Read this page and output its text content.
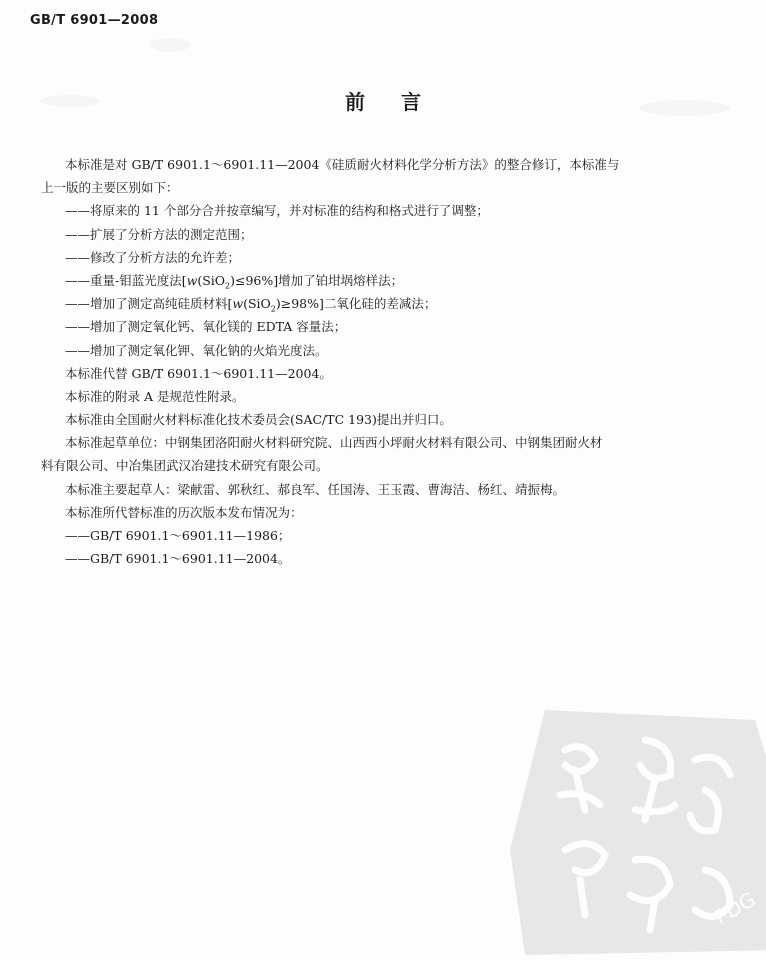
GB/T 6901—2008
前言
本标准是对 GB/T 6901.1～6901.11—2004《硅质耐火材料化学分析方法》的整合修订，本标准与
上一版的主要区别如下：
——将原来的 11 个部分合并按章编写，并对标准的结构和格式进行了调整；
——扩展了分析方法的测定范围；
——修改了分析方法的允许差；
——重量-钼蓝光度法[w(SiO$_2$)≤96%]增加了铂坩埚熔样法；
——增加了测定高纯硅质材料[w(SiO$_2$)≥98%]二氧化硅的差减法；
——增加了测定氧化钙、氧化镁的 EDTA 容量法；
——增加了测定氧化钾、氧化钠的火焰光度法。
本标准代替 GB/T 6901.1～6901.11—2004。
本标准的附录 A 是规范性附录。
本标准由全国耐火材料标准化技术委员会(SAC/TC 193)提出并归口。
本标准起草单位：中钢集团洛阳耐火材料研究院、山西西小坪耐火材料有限公司、中钢集团耐火材
料有限公司、中冶集团武汉冶建技术研究有限公司。
本标准主要起草人：梁献雷、郭秋红、郝良军、任国涛、王玉霞、曹海洁、杨红、靖振梅。
本标准所代替标准的历次版本发布情况为：
——GB/T 6901.1～6901.11—1986；
——GB/T 6901.1～6901.11—2004。
PDG
